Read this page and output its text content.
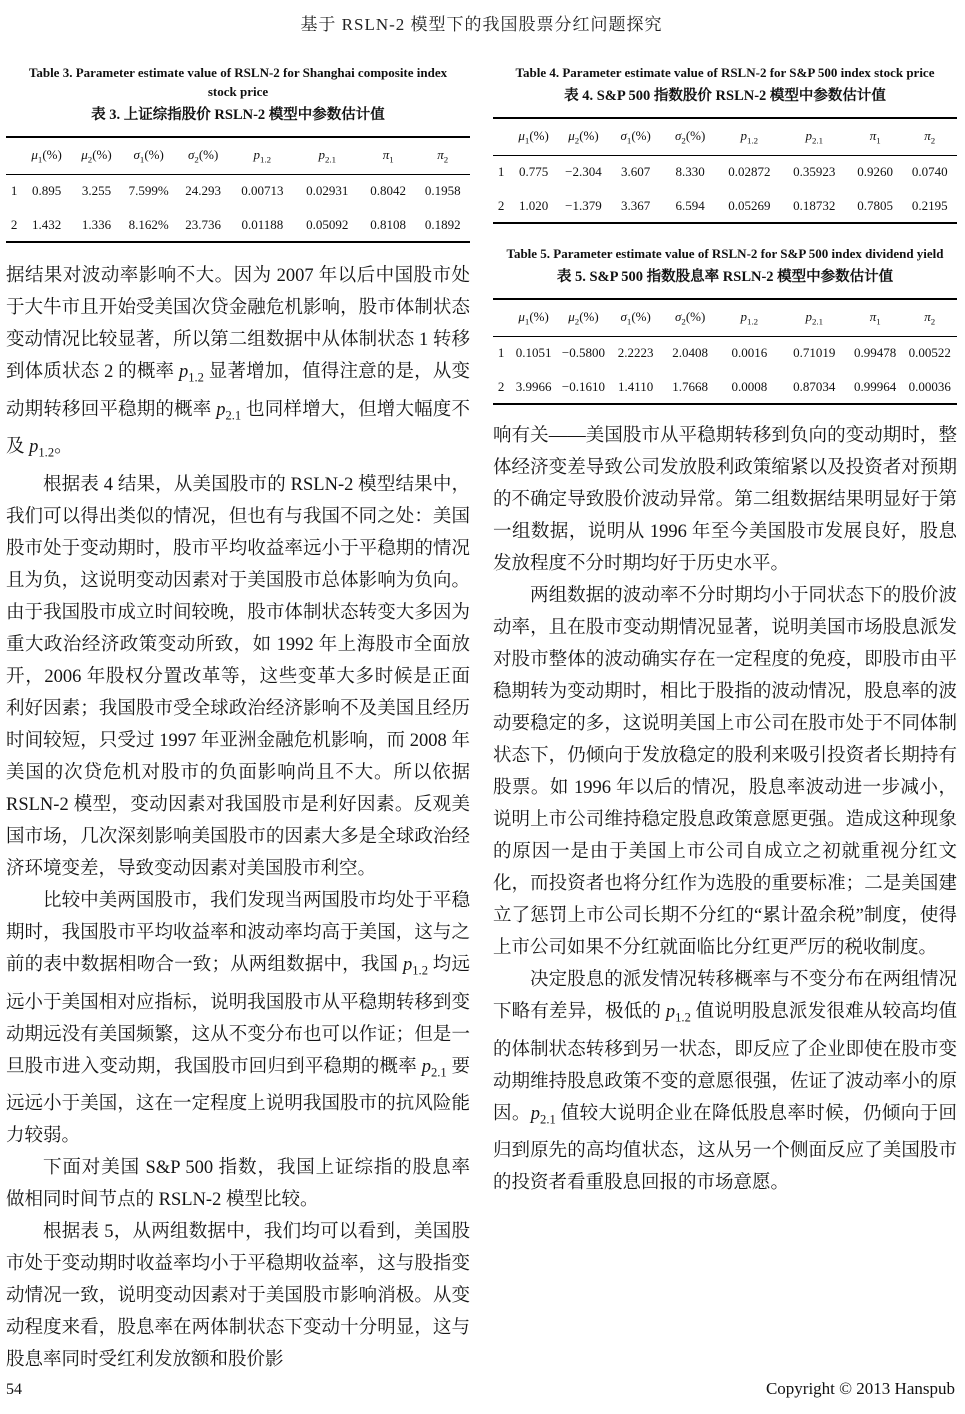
基于 RSLN-2 模型下的我国股票分红问题探究
Table 3. Parameter estimate value of RSLN-2 for Shanghai composite index stock price
表 3. 上证综指股价 RSLN-2 模型中参数估计值
	$\mu_1(\%)$	$\mu_2(\%)$	$\sigma_1(\%)$	$\sigma_2(\%)$	$p_{1.2}$	$p_{2.1}$	$\pi_1$	$\pi_2$
1	0.895	3.255	7.599%	24.293	0.00713	0.02931	0.8042	0.1958
2	1.432	1.336	8.162%	23.736	0.01188	0.05092	0.8108	0.1892

据结果对波动率影响不大。因为 2007 年以后中国股市处于大牛市且开始受美国次贷金融危机影响，股市体制状态变动情况比较显著，所以第二组数据中从体制状态 1 转移到体质状态 2 的概率 $p_{1.2}$ 显著增加，值得注意的是，从变动期转移回平稳期的概率 $p_{2.1}$ 也同样增大，但增大幅度不及 $p_{1.2}$。

根据表 4 结果，从美国股市的 RSLN-2 模型结果中，我们可以得出类似的情况，但也有与我国不同之处：美国股市处于变动期时，股市平均收益率远小于平稳期的情况且为负，这说明变动因素对于美国股市总体影响为负向。由于我国股市成立时间较晚，股市体制状态转变大多因为重大政治经济政策变动所致，如 1992 年上海股市全面放开，2006 年股权分置改革等，这些变革大多时候是正面利好因素；我国股市受全球政治经济影响不及美国且经历时间较短，只受过 1997 年亚洲金融危机影响，而 2008 年美国的次贷危机对股市的负面影响尚且不大。所以依据 RSLN-2 模型，变动因素对我国股市是利好因素。反观美国市场，几次深刻影响美国股市的因素大多是全球政治经济环境变差，导致变动因素对美国股市利空。

比较中美两国股市，我们发现当两国股市均处于平稳期时，我国股市平均收益率和波动率均高于美国，这与之前的表中数据相吻合一致；从两组数据中，我国 $p_{1.2}$ 均远远小于美国相对应指标，说明我国股市从平稳期转移到变动期远没有美国频繁，这从不变分布也可以作证；但是一旦股市进入变动期，我国股市回归到平稳期的概率 $p_{2.1}$ 要远远小于美国，这在一定程度上说明我国股市的抗风险能力较弱。

下面对美国 S&P 500 指数，我国上证综指的股息率做相同时间节点的 RSLN-2 模型比较。

根据表 5，从两组数据中，我们均可以看到，美国股市处于变动期时收益率均小于平稳期收益率，这与股指变动情况一致，说明变动因素对于美国股市影响消极。从变动程度来看，股息率在两体制状态下变动十分明显，这与股息率同时受红利发放额和股价影

Table 4. Parameter estimate value of RSLN-2 for S&P 500 index stock price
表 4. S&P 500 指数股价 RSLN-2 模型中参数估计值
	$\mu_1(\%)$	$\mu_2(\%)$	$\sigma_1(\%)$	$\sigma_2(\%)$	$p_{1.2}$	$p_{2.1}$	$\pi_1$	$\pi_2$
1	0.775	−2.304	3.607	8.330	0.02872	0.35923	0.9260	0.0740
2	1.020	−1.379	3.367	6.594	0.05269	0.18732	0.7805	0.2195
Table 5. Parameter estimate value of RSLN-2 for S&P 500 index dividend yield
表 5. S&P 500 指数股息率 RSLN-2 模型中参数估计值
	$\mu_1(\%)$	$\mu_2(\%)$	$\sigma_1(\%)$	$\sigma_2(\%)$	$p_{1.2}$	$p_{2.1}$	$\pi_1$	$\pi_2$
1	0.1051	−0.5800	2.2223	2.0408	0.0016	0.71019	0.99478	0.00522
2	3.9966	−0.1610	1.4110	1.7668	0.0008	0.87034	0.99964	0.00036

响有关——美国股市从平稳期转移到负向的变动期时，整体经济变差导致公司发放股利政策缩紧以及投资者对预期的不确定导致股价波动异常。第二组数据结果明显好于第一组数据，说明从 1996 年至今美国股市发展良好，股息发放程度不分时期均好于历史水平。

两组数据的波动率不分时期均小于同状态下的股价波动率，且在股市变动期情况显著，说明美国市场股息派发对股市整体的波动确实存在一定程度的免疫，即股市由平稳期转为变动期时，相比于股指的波动情况，股息率的波动要稳定的多，这说明美国上市公司在股市处于不同体制状态下，仍倾向于发放稳定的股利来吸引投资者长期持有股票。如 1996 年以后的情况，股息率波动进一步减小，说明上市公司维持稳定股息政策意愿更强。造成这种现象的原因一是由于美国上市公司自成立之初就重视分红文化，而投资者也将分红作为选股的重要标准；二是美国建立了惩罚上市公司长期不分红的“累计盈余税”制度，使得上市公司如果不分红就面临比分红更严厉的税收制度。

决定股息的派发情况转移概率与不变分布在两组情况下略有差异，极低的 $p_{1.2}$ 值说明股息派发很难从较高均值的体制状态转移到另一状态，即反应了企业即使在股市变动期维持股息政策不变的意愿很强，佐证了波动率小的原因。$p_{2.1}$ 值较大说明企业在降低股息率时候，仍倾向于回归到原先的高均值状态，这从另一个侧面反应了美国股市的投资者看重股息回报的市场意愿。

54	Copyright © 2013 Hanspub
